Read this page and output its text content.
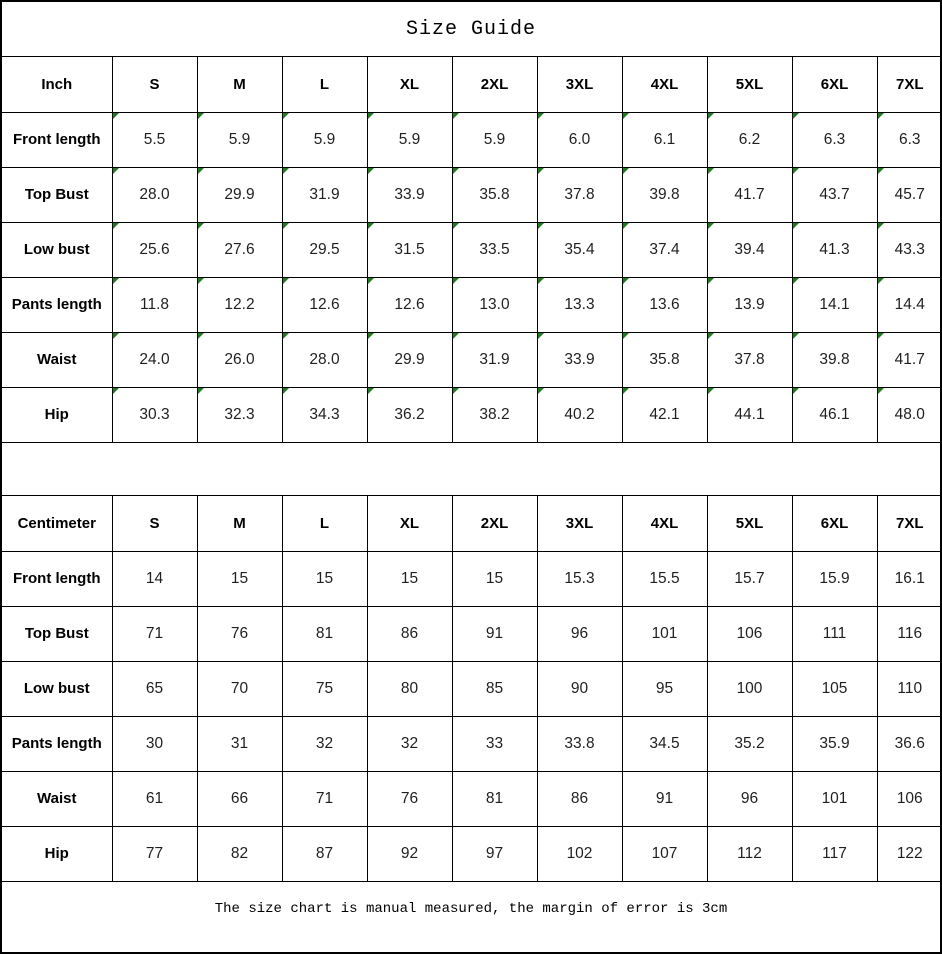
Size Guide
Inch	S	M	L	XL	2XL	3XL	4XL	5XL	6XL	7XL
Front length	5.5	5.9	5.9	5.9	5.9	6.0	6.1	6.2	6.3	6.3

Top Bust	28.0	29.9	31.9	33.9	35.8	37.8	39.8	41.7	43.7	45.7

Low bust	25.6	27.6	29.5	31.5	33.5	35.4	37.4	39.4	41.3	43.3

Pants length	11.8	12.2	12.6	12.6	13.0	13.3	13.6	13.9	14.1	14.4

Waist	24.0	26.0	28.0	29.9	31.9	33.9	35.8	37.8	39.8	41.7

Hip	30.3	32.3	34.3	36.2	38.2	40.2	42.1	44.1	46.1	48.0
Centimeter	S	M	L	XL	2XL	3XL	4XL	5XL	6XL	7XL
Front length	14	15	15	15	15	15.3	15.5	15.7	15.9	16.1
Top Bust	71	76	81	86	91	96	101	106	111	116
Low bust	65	70	75	80	85	90	95	100	105	110
Pants length	30	31	32	32	33	33.8	34.5	35.2	35.9	36.6
Waist	61	66	71	76	81	86	91	96	101	106
Hip	77	82	87	92	97	102	107	112	117	122
The size chart is manual measured, the margin of error is 3cm
